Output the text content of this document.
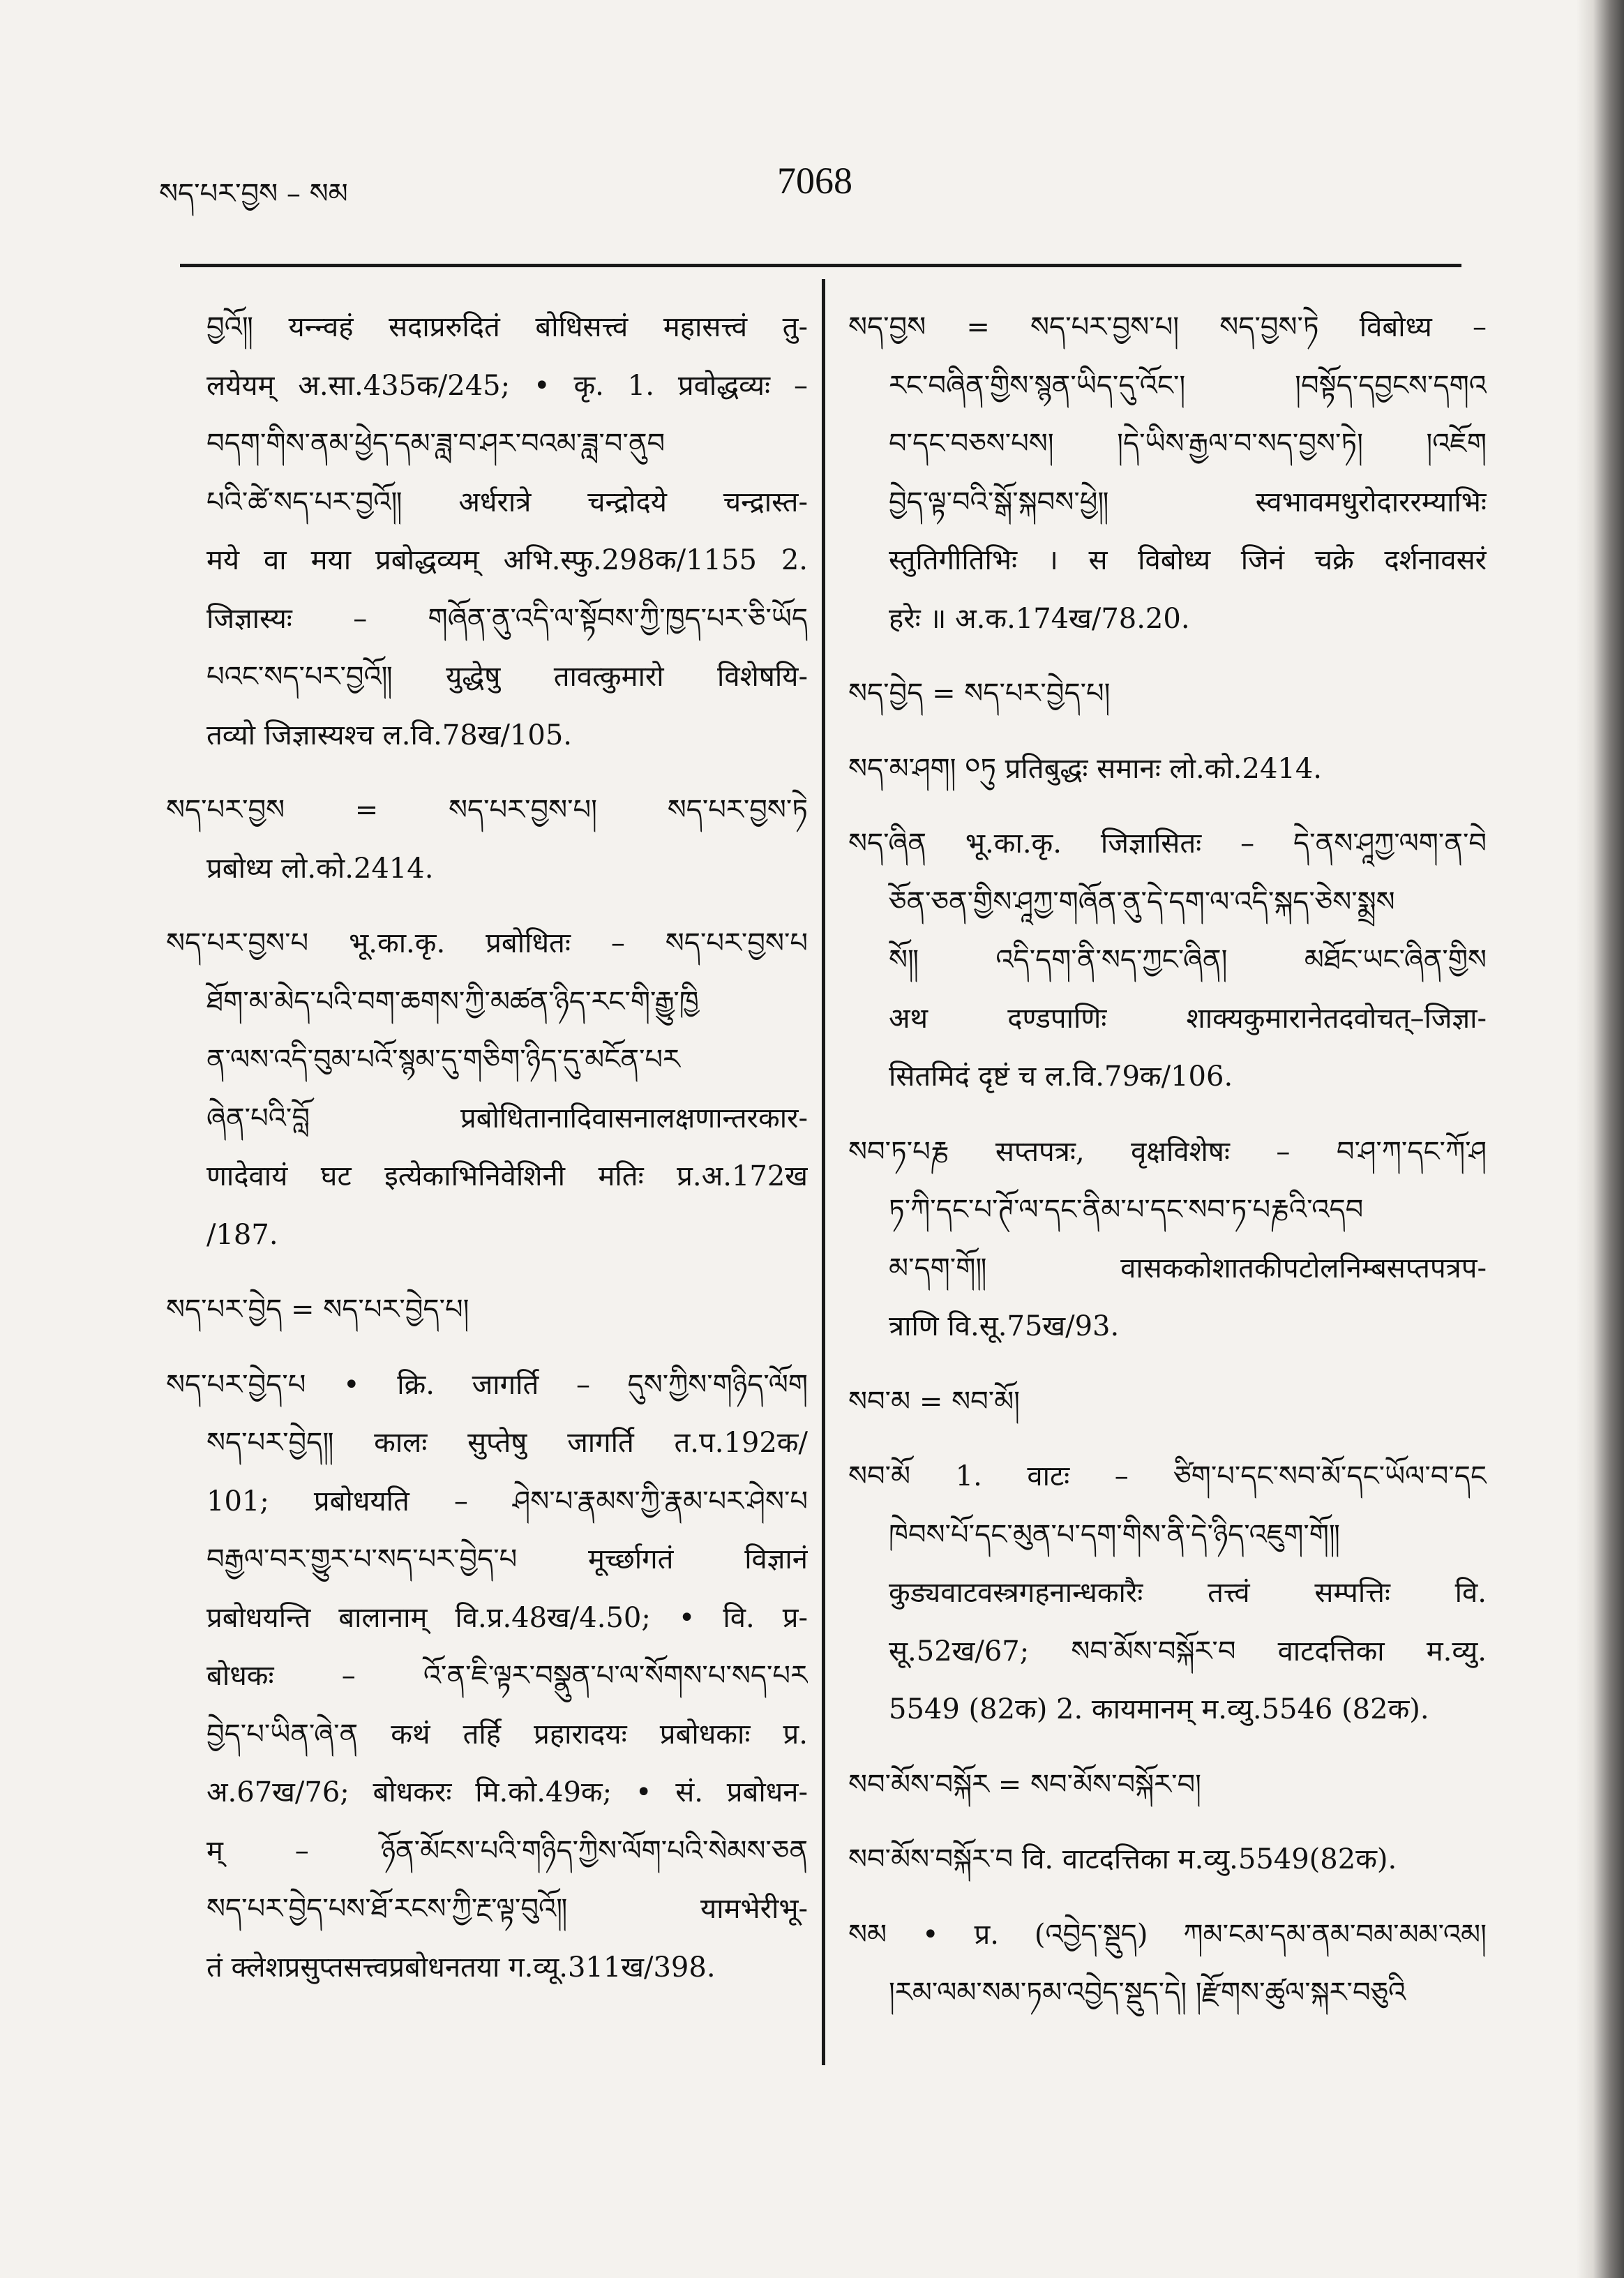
སད་པར་བྱས – སམ	7068
བྱའོ༎ यन्न्वहं सदाप्ररुदितं बोधिसत्त्वं महासत्त्वं तु-
लयेयम् अ.सा.435क/245; • कृ. 1. प्रवोद्धव्यः –
བདག་གིས་ནམ་ཕྱེད་དམ་ཟླ་བ་ཤར་བའམ་ཟླ་བ་ནུབ
པའི་ཚེ་སད་པར་བྱའོ༎ अर्धरात्रे चन्द्रोदये चन्द्रास्त-
मये वा मया प्रबोद्धव्यम् अभि.स्फु.298क/1155 2.
जिज्ञास्यः – གཞོན་ནུ་འདི་ལ་སྟོབས་ཀྱི་ཁྱད་པར་ཅི་ཡོད
པའང་སད་པར་བྱའོ༎ युद्धेषु तावत्कुमारो विशेषयि-
तव्यो जिज्ञास्यश्च ल.वि.78ख/105.
སད་པར་བྱས = སད་པར་བྱས་པ། སད་པར་བྱས་ཏེ
प्रबोध्य लो.को.2414.
སད་པར་བྱས་པ भू.का.कृ. प्रबोधितः – སད་པར་བྱས་པ
ཐོག་མ་མེད་པའི་བག་ཆགས་ཀྱི་མཚན་ཉིད་རང་གི་རྒྱུ་ཁྱི
ན་ལས་འདི་བུམ་པའོ་སྙམ་དུ་གཅིག་ཉིད་དུ་མངོན་པར
ཞེན་པའི་བློ प्रबोधितानादिवासनालक्षणान्तरकार-
णादेवायं घट इत्येकाभिनिवेशिनी मतिः प्र.अ.172ख
/187.
སད་པར་བྱེད = སད་པར་བྱེད་པ།
སད་པར་བྱེད་པ • क्रि. जागर्ति – དུས་ཀྱིས་གཉིད་ལོག
སད་པར་བྱེད༎ कालः सुप्तेषु जागर्ति त.प.192क/
101; प्रबोधयति – ཤེས་པ་རྣམས་ཀྱི་རྣམ་པར་ཤེས་པ
བརྒྱལ་བར་གྱུར་པ་སད་པར་བྱེད་པ मूर्च्छागतं विज्ञानं
प्रबोधयन्ति बालानाम् वि.प्र.48ख/4.50; • वि. प्र-
बोधकः – འོ་ན་ཇི་ལྟར་བསྣུན་པ་ལ་སོགས་པ་སད་པར
བྱེད་པ་ཡིན་ཞེ་ན कथं तर्हि प्रहारादयः प्रबोधकाः प्र.
अ.67ख/76; बोधकरः मि.को.49क; • सं. प्रबोधन-
म् – ཉོན་མོངས་པའི་གཉིད་ཀྱིས་ལོག་པའི་སེམས་ཅན
སད་པར་བྱེད་པས་ཐོ་རངས་ཀྱི་རྔ་ལྟ་བུའོ༎ यामभेरीभू-
तं क्लेशप्रसुप्तसत्त्वप्रबोधनतया ग.व्यू.311ख/398.
སད་བྱས = སད་པར་བྱས་པ། སད་བྱས་ཏེ विबोध्य –
རང་བཞིན་གྱིས་སྙན་ཡིད་དུ་འོང་། །བསྟོད་དབྱངས་དགའ
བ་དང་བཅས་པས། །དེ་ཡིས་རྒྱལ་བ་སད་བྱས་ཏེ། །འཇོག
བྱེད་ལྟ་བའི་སྒོ་སྐབས་ཕྱེ༎ स्वभावमधुरोदाररम्याभिः
स्तुतिगीतिभिः । स विबोध्य जिनं चक्रे दर्शनावसरं
हरेः ॥ अ.क.174ख/78.20.
སད་བྱེད = སད་པར་བྱེད་པ།
སད་མ་ཤག། ༠ཏུ प्रतिबुद्धः समानः लो.को.2414.
སད་ཞིན भू.का.कृ. जिज्ञासितः – དེ་ནས་ཤཱཀྱ་ལག་ན་བེ
ཅོན་ཅན་གྱིས་ཤཱཀྱ་གཞོན་ནུ་དེ་དག་ལ་འདི་སྐད་ཅེས་སྨྲས
སོ༎ འདི་དག་ནི་སད་ཀྱང་ཞིན། མཐོང་ཡང་ཞིན་གྱིས
अथ दण्डपाणिः शाक्यकुमारानेतदवोचत्–जिज्ञा-
सितमिदं दृष्टं च ल.वि.79क/106.
སབ་ཏ་པརྞ सप्तपत्रः, वृक्षविशेषः – བ་ཤ་ཀ་དང་ཀོ་ཤ
ཏ་ཀི་དང་པ་ཊོ་ལ་དང་ནིམ་པ་དང་སབ་ཏ་པརྞའི་འདབ
མ་དག་གོ༎ वासककोशातकीपटोलनिम्बसप्तपत्रप-
त्राणि वि.सू.75ख/93.
སབ་མ = སབ་མོ།
སབ་མོ 1. वाटः – ཙིག་པ་དང་སབ་མོ་དང་ཡོལ་བ་དང
ཁེབས་པོ་དང་མུན་པ་དག་གིས་ནི་དེ་ཉིད་འཇུག་གོ༎
कुड्यवाटवस्त्रगहनान्धकारैः तत्त्वं सम्पत्तिः वि.
सू.52ख/67; སབ་མོས་བསྐོར་བ वाटदत्तिका म.व्यु.
5549 (82क) 2. कायमानम् म.व्यु.5546 (82क).
སབ་མོས་བསྐོར = སབ་མོས་བསྐོར་བ།
སབ་མོས་བསྐོར་བ वि. वाटदत्तिका म.व्यु.5549(82क).
སམ • प्र. (འབྱེད་སྡུད) ཀམ་ངམ་དམ་ནམ་བམ་མམ་འམ།
།རམ་ལམ་སམ་ཏམ་འབྱེད་སྡུད་དེ། །རྫོགས་ཚུལ་སྐར་བཅུའི
